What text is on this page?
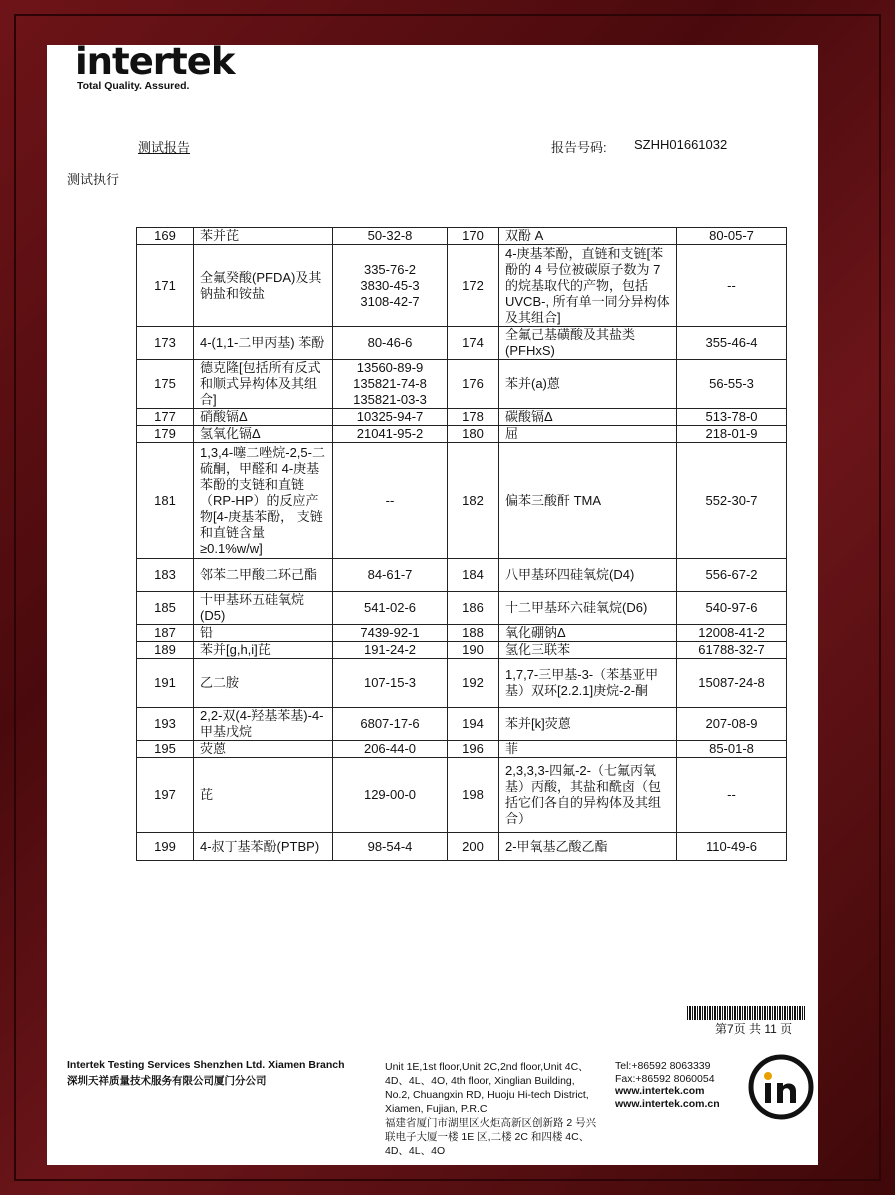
intertek
Total Quality. Assured.
测试报告	报告号码: SZHH01661032
测试执行
169	苯并芘	50-32-8	170	双酚 A	80-05-7
171	全氟癸酸(PFDA)及其钠盐和铵盐	335-76-2
3830-45-3
3108-42-7	172	4-庚基苯酚，直链和支链[苯酚的 4 号位被碳原子数为 7 的烷基取代的产物，包括 UVCB-, 所有单一同分异构体及其组合]	--
173	4-(1,1-二甲丙基) 苯酚	80-46-6	174	全氟己基磺酸及其盐类(PFHxS)	355-46-4
175	德克隆[包括所有反式和顺式异构体及其组合]	13560-89-9
135821-74-8
135821-03-3	176	苯并(a)蒽	56-55-3
177	硝酸镉Δ	10325-94-7	178	碳酸镉Δ	513-78-0
179	氢氧化镉Δ	21041-95-2	180	屈	218-01-9
181	1,3,4-噻二唑烷-2,5-二硫酮，甲醛和 4-庚基苯酚的支链和直链（RP-HP）的反应产物[4-庚基苯酚， 支链和直链含量≥0.1%w/w]	--	182	偏苯三酸酐 TMA	552-30-7
183	邻苯二甲酸二环己酯	84-61-7	184	八甲基环四硅氧烷(D4)	556-67-2
185	十甲基环五硅氧烷(D5)	541-02-6	186	十二甲基环六硅氧烷(D6)	540-97-6
187	铅	7439-92-1	188	氧化硼钠Δ	12008-41-2
189	苯并[g,h,i]芘	191-24-2	190	氢化三联苯	61788-32-7
191	乙二胺	107-15-3	192	1,7,7-三甲基-3-（苯基亚甲基）双环[2.2.1]庚烷-2-酮	15087-24-8
193	2,2-双(4-羟基苯基)-4-甲基戊烷	6807-17-6	194	苯并[k]荧蒽	207-08-9
195	荧蒽	206-44-0	196	菲	85-01-8
197	芘	129-00-0	198	2,3,3,3-四氟-2-（七氟丙氧基）丙酸，其盐和酰卤（包括它们各自的异构体及其组合）	--
199	4-叔丁基苯酚(PTBP)	98-54-4	200	2-甲氧基乙酸乙酯	110-49-6
第7页 共 11 页
Intertek Testing Services Shenzhen Ltd. Xiamen Branch
深圳天祥质量技术服务有限公司厦门分公司
Unit 1E,1st floor,Unit 2C,2nd floor,Unit 4C、4D、4L、4O, 4th floor, Xinglian Building, No.2, Chuangxin RD, Huoju Hi-tech District, Xiamen, Fujian, P.R.C
福建省厦门市湖里区火炬高新区创新路 2 号兴联电子大厦一楼 1E 区,二楼 2C 和四楼 4C、4D、4L、4O
Tel:+86592 8063339
Fax:+86592 8060054
www.intertek.com
www.intertek.com.cn
